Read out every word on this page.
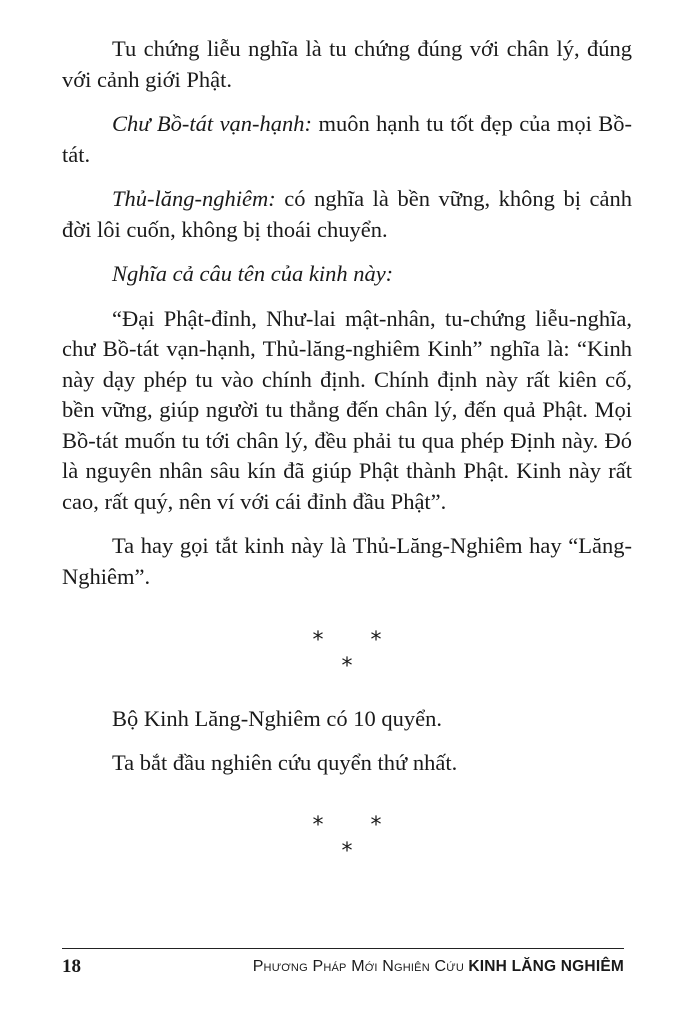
Tu chứng liễu nghĩa là tu chứng đúng với chân lý, đúng với cảnh giới Phật.

Chư Bồ-tát vạn-hạnh: muôn hạnh tu tốt đẹp của mọi Bồ-tát.

Thủ-lăng-nghiêm: có nghĩa là bền vững, không bị cảnh đời lôi cuốn, không bị thoái chuyển.

Nghĩa cả câu tên của kinh này:

“Đại Phật-đỉnh, Như-lai mật-nhân, tu-chứng liễu-nghĩa, chư Bồ-tát vạn-hạnh, Thủ-lăng-nghiêm Kinh” nghĩa là: “Kinh này dạy phép tu vào chính định. Chính định này rất kiên cố, bền vững, giúp người tu thẳng đến chân lý, đến quả Phật. Mọi Bồ-tát muốn tu tới chân lý, đều phải tu qua phép Định này. Đó là nguyên nhân sâu kín đã giúp Phật thành Phật. Kinh này rất cao, rất quý, nên ví với cái đỉnh đầu Phật”.

Ta hay gọi tắt kinh này là Thủ-Lăng-Nghiêm hay “Lăng-Nghiêm”.

* *
*

Bộ Kinh Lăng-Nghiêm có 10 quyển.

Ta bắt đầu nghiên cứu quyển thứ nhất.

* *
*
18	Phương Pháp Mới Nghiên Cứu KINH LĂNG NGHIÊM
